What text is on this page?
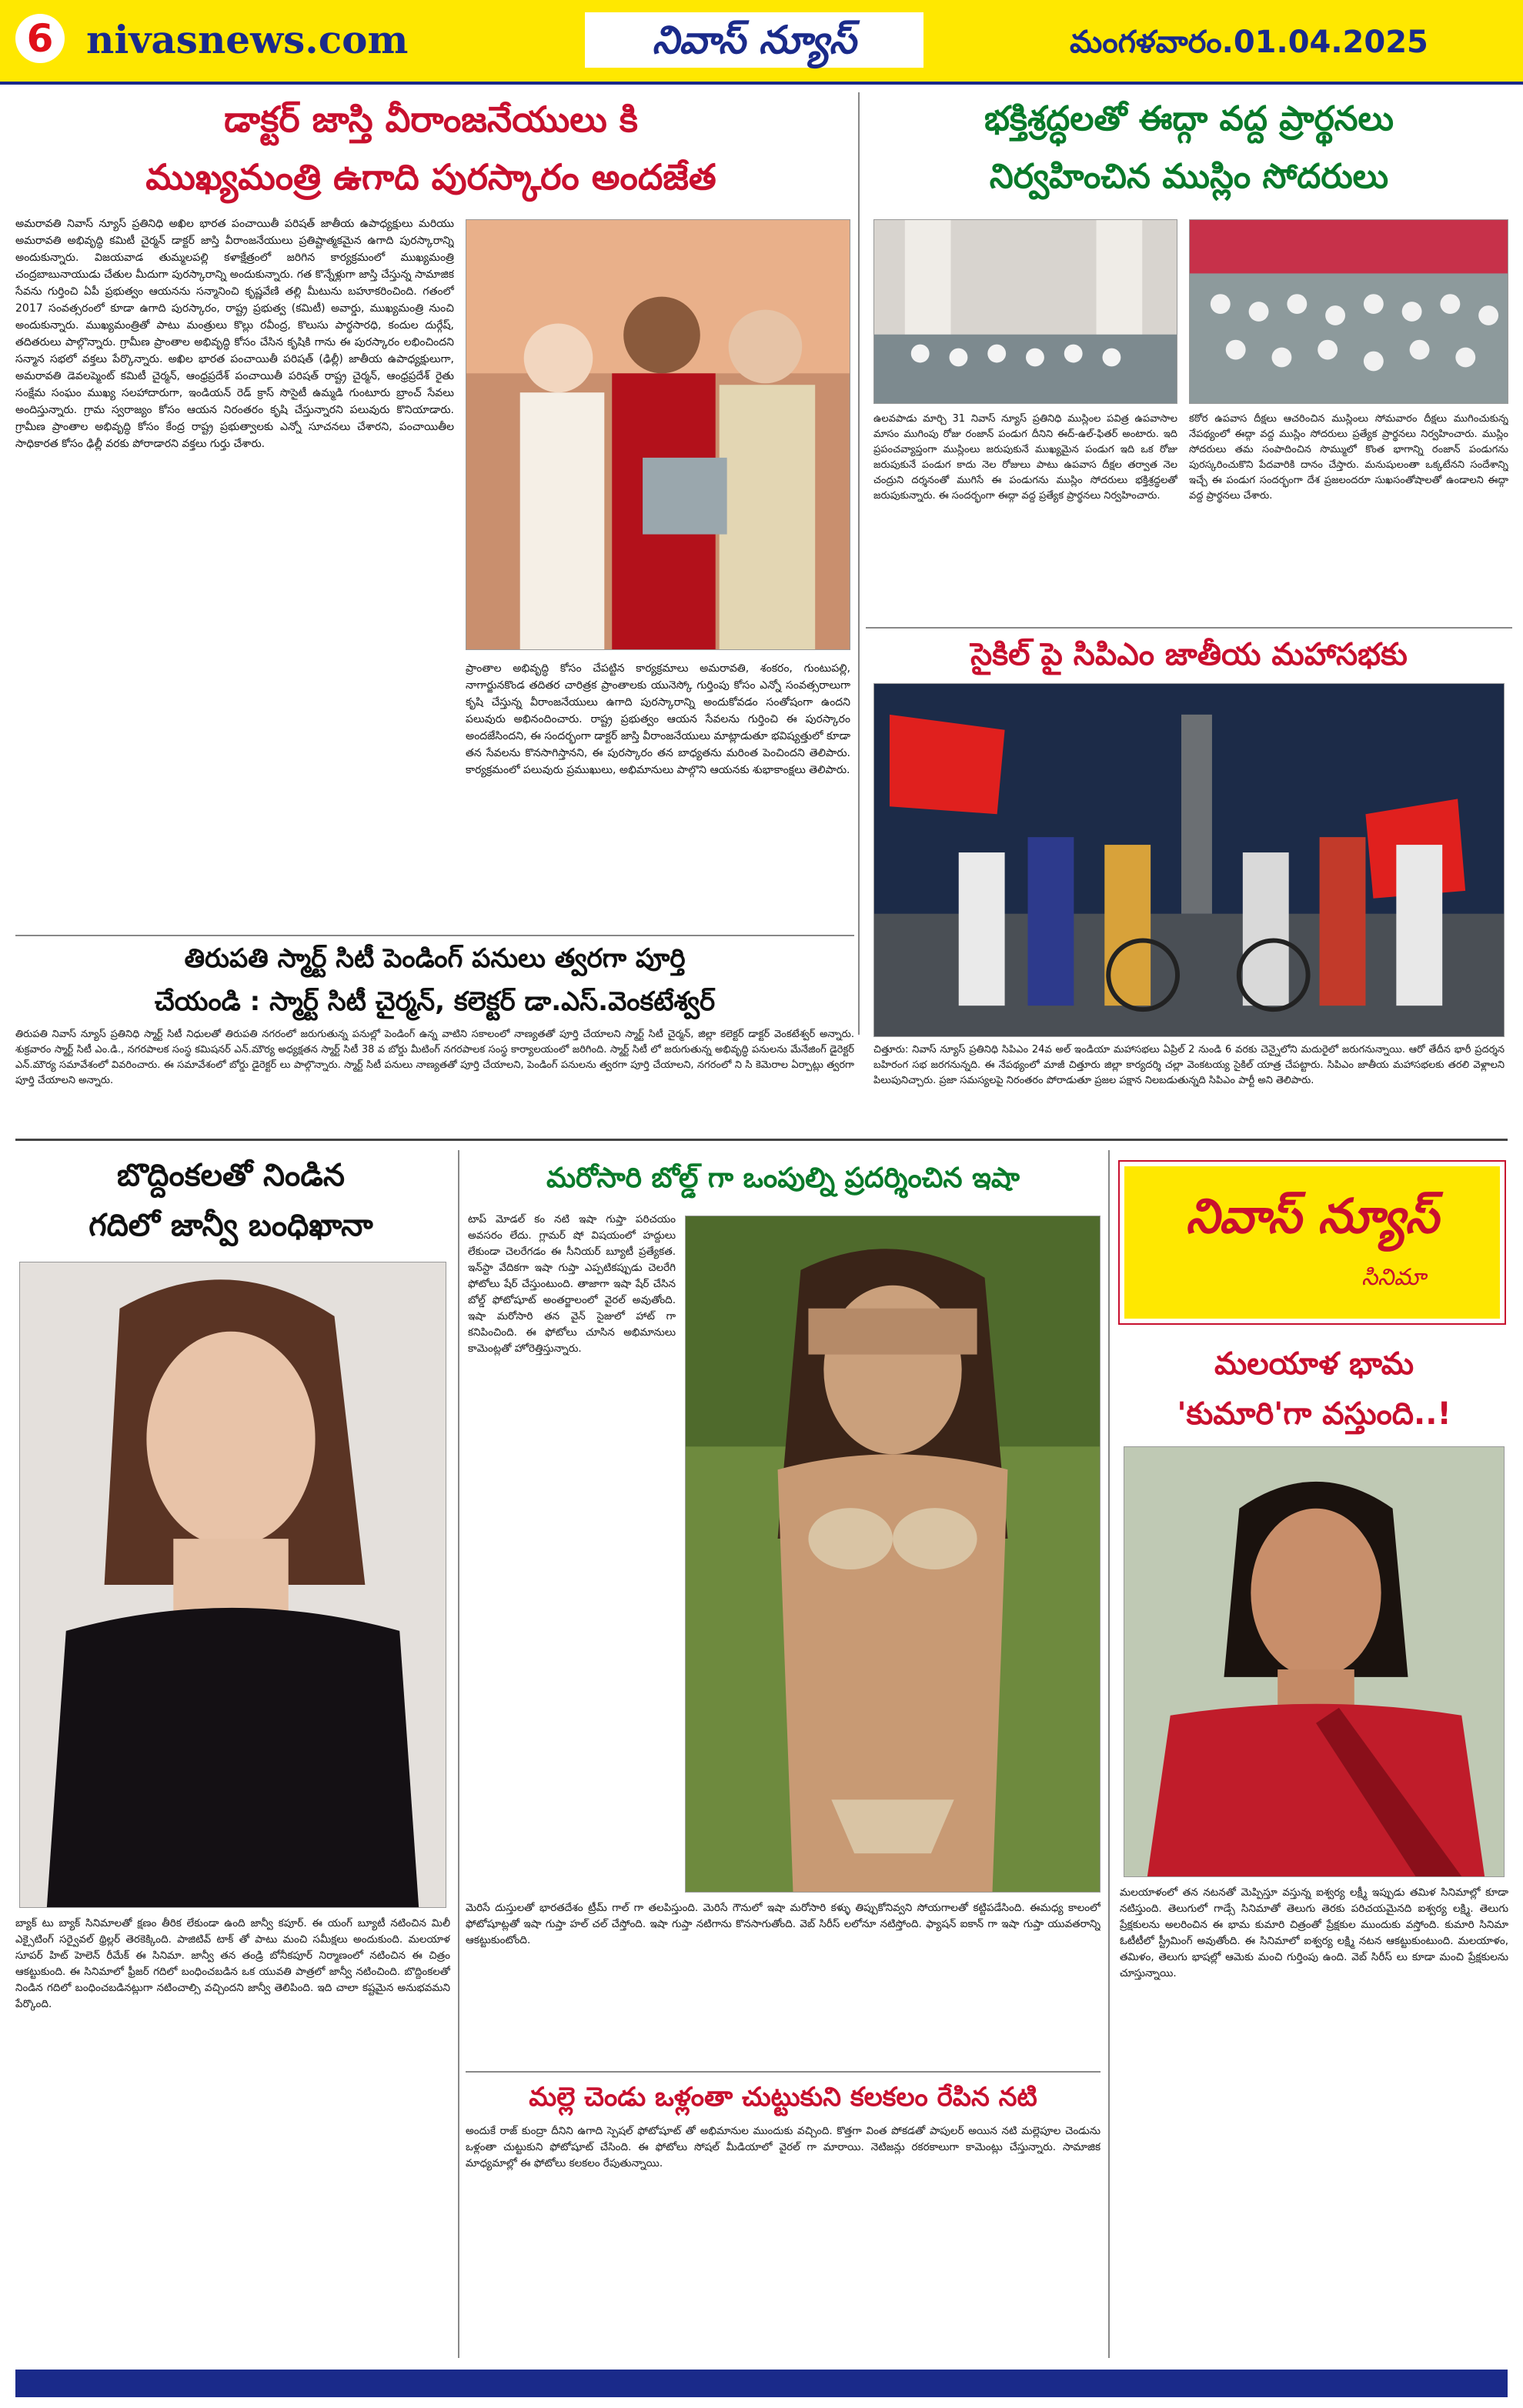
6 nivasnews.com	నివాస్ న్యూస్	మంగళవారం.01.04.2025
డాక్టర్ జాస్తి వీరాంజనేయులు కి
ముఖ్యమంత్రి ఉగాది పురస్కారం అందజేత
అమరావతి నివాస్ న్యూస్ ప్రతినిధి అఖిల భారత పంచాయితీ పరిషత్ జాతీయ ఉపాధ్యక్షులు మరియు అమరావతి అభివృద్ధి కమిటీ చైర్మన్ డాక్టర్ జాస్తి వీరాంజనేయులు ప్రతిష్టాత్మకమైన ఉగాది పురస్కారాన్ని అందుకున్నారు. విజయవాడ తుమ్మలపల్లి కళాక్షేత్రంలో జరిగిన కార్యక్రమంలో ముఖ్యమంత్రి చంద్రబాబునాయుడు చేతుల మీదుగా పురస్కారాన్ని అందుకున్నారు. గత కొన్నేళ్లుగా జాస్తి చేస్తున్న సామాజిక సేవను గుర్తించి ఏపీ ప్రభుత్వం ఆయనను సన్మానించి కృష్ణవేణి తల్లి మీటును బహూకరించింది. గతంలో 2017 సంవత్సరంలో కూడా ఉగాది పురస్కారం, రాష్ట్ర ప్రభుత్వ (కమిటీ) అవార్డు, ముఖ్యమంత్రి నుంచి అందుకున్నారు. ముఖ్యమంత్రితో పాటు మంత్రులు కొల్లు రవీంద్ర, కొలుసు పార్థసారధి, కందుల దుర్గేష్, తదితరులు పాల్గొన్నారు. గ్రామీణ ప్రాంతాల అభివృద్ధి కోసం చేసిన కృషికి గాను ఈ పురస్కారం లభించిందని సన్మాన సభలో వక్తలు పేర్కొన్నారు. అఖిల భారత పంచాయితీ పరిషత్ (ఢిల్లీ) జాతీయ ఉపాధ్యక్షులుగా, అమరావతి డెవలప్మెంట్ కమిటీ చైర్మన్, ఆంధ్రప్రదేశ్ పంచాయితీ పరిషత్ రాష్ట్ర చైర్మన్, ఆంధ్రప్రదేశ్ రైతు సంక్షేమ సంఘం ముఖ్య సలహాదారుగా, ఇండియన్ రెడ్ క్రాస్ సొసైటీ ఉమ్మడి గుంటూరు బ్రాంచ్ సేవలు అందిస్తున్నారు. గ్రామ స్వరాజ్యం కోసం ఆయన నిరంతరం కృషి చేస్తున్నారని పలువురు కొనియాడారు. గ్రామీణ ప్రాంతాల అభివృద్ధి కోసం కేంద్ర రాష్ట్ర ప్రభుత్వాలకు ఎన్నో సూచనలు చేశారని, పంచాయితీల సాధికారత కోసం ఢిల్లీ వరకు పోరాడారని వక్తలు గుర్తు చేశారు.
ప్రాంతాల అభివృద్ధి కోసం చేపట్టిన కార్యక్రమాలు అమరావతి, శంకరం, గుంటుపల్లి, నాగార్జునకొండ తదితర చారిత్రక ప్రాంతాలకు యునెస్కో గుర్తింపు కోసం ఎన్నో సంవత్సరాలుగా కృషి చేస్తున్న వీరాంజనేయులు ఉగాది పురస్కారాన్ని అందుకోవడం సంతోషంగా ఉందని పలువురు అభినందించారు. రాష్ట్ర ప్రభుత్వం ఆయన సేవలను గుర్తించి ఈ పురస్కారం అందజేసిందని, ఈ సందర్భంగా డాక్టర్ జాస్తి వీరాంజనేయులు మాట్లాడుతూ భవిష్యత్తులో కూడా తన సేవలను కొనసాగిస్తానని, ఈ పురస్కారం తన బాధ్యతను మరింత పెంచిందని తెలిపారు. కార్యక్రమంలో పలువురు ప్రముఖులు, అభిమానులు పాల్గొని ఆయనకు శుభాకాంక్షలు తెలిపారు.
తిరుపతి స్మార్ట్ సిటీ పెండింగ్ పనులు త్వరగా పూర్తి
చేయండి : స్మార్ట్ సిటీ చైర్మన్, కలెక్టర్ డా.ఎస్.వెంకటేశ్వర్
తిరుపతి నివాస్ న్యూస్ ప్రతినిధి స్మార్ట్ సిటీ నిధులతో తిరుపతి నగరంలో జరుగుతున్న పనుల్లో పెండింగ్ ఉన్న వాటిని సకాలంలో నాణ్యతతో పూర్తి చేయాలని స్మార్ట్ సిటీ చైర్మన్, జిల్లా కలెక్టర్ డాక్టర్ వెంకటేశ్వర్ అన్నారు. శుక్రవారం స్మార్ట్ సిటీ ఎం.డి., నగరపాలక సంస్థ కమిషనర్ ఎన్.మౌర్య అధ్యక్షతన స్మార్ట్ సిటీ 38 వ బోర్డు మీటింగ్ నగరపాలక సంస్థ కార్యాలయంలో జరిగింది. స్మార్ట్ సిటీ లో జరుగుతున్న అభివృద్ధి పనులను మేనేజింగ్ డైరెక్టర్ ఎన్.మౌర్య సమావేశంలో వివరించారు. ఈ సమావేశంలో బోర్డు డైరెక్టర్ లు పాల్గొన్నారు. స్మార్ట్ సిటీ పనులు నాణ్యతతో పూర్తి చేయాలని, పెండింగ్ పనులను త్వరగా పూర్తి చేయాలని, నగరంలో ని సి కెమెరాల ఏర్పాట్లు త్వరగా పూర్తి చేయాలని అన్నారు.
భక్తిశ్రద్ధలతో ఈద్గా వద్ద ప్రార్థనలు
నిర్వహించిన ముస్లిం సోదరులు
ఉలవపాడు మార్చి 31 నివాస్ న్యూస్ ప్రతినిధి ముస్లింల పవిత్ర ఉపవాసాల మాసం ముగింపు రోజు రంజాన్ పండుగ దీనిని ఈద్-ఉల్-ఫితర్ అంటారు. ఇది ప్రపంచవ్యాప్తంగా ముస్లింలు జరుపుకునే ముఖ్యమైన పండుగ ఇది ఒక రోజు జరుపుకునే పండుగ కాదు నెల రోజులు పాటు ఉపవాస దీక్షల తర్వాత నెల చంద్రుని దర్శనంతో ముగిసే ఈ పండుగను ముస్లిం సోదరులు భక్తిశ్రద్ధలతో జరుపుకున్నారు. ఈ సందర్భంగా ఈద్గా వద్ద ప్రత్యేక ప్రార్థనలు నిర్వహించారు.
కఠోర ఉపవాస దీక్షలు ఆచరించిన ముస్లింలు సోమవారం దీక్షలు ముగించుకున్న నేపథ్యంలో ఈద్గా వద్ద ముస్లిం సోదరులు ప్రత్యేక ప్రార్థనలు నిర్వహించారు. ముస్లిం సోదరులు తమ సంపాదించిన సొమ్ములో కొంత భాగాన్ని రంజాన్ పండుగను పురస్కరించుకొని పేదవారికి దానం చేస్తారు. మనుషులంతా ఒక్కటేనని సందేశాన్ని ఇచ్చే ఈ పండుగ సందర్భంగా దేశ ప్రజలందరూ సుఖసంతోషాలతో ఉండాలని ఈద్గా వద్ద ప్రార్థనలు చేశారు.
సైకిల్ పై సిపిఎం జాతీయ మహాసభకు
చిత్తూరు: నివాస్ న్యూస్ ప్రతినిధి సిపిఎం 24వ అల్ ఇండియా మహాసభలు ఏప్రిల్ 2 నుండి 6 వరకు చెన్నైలోని మదురైలో జరుగనున్నాయి. ఆరో తేదీన భారీ ప్రదర్శన బహిరంగ సభ జరగనున్నది. ఈ నేపథ్యంలో మాజీ చిత్తూరు జిల్లా కార్యదర్శి చల్లా వెంకటయ్య సైకిల్ యాత్ర చేపట్టారు. సిపిఎం జాతీయ మహాసభలకు తరలి వెళ్లాలని పిలుపునిచ్చారు. ప్రజా సమస్యలపై నిరంతరం పోరాడుతూ ప్రజల పక్షాన నిలబడుతున్నది సిపిఎం పార్టీ అని తెలిపారు.
బొద్దింకలతో నిండిన
గదిలో జాన్వీ బంధిఖానా
బ్యాక్ టు బ్యాక్ సినిమాలతో క్షణం తీరిక లేకుండా ఉంది జాన్వీ కపూర్. ఈ యంగ్ బ్యూటీ నటించిన మిలీ ఎక్సైటింగ్ సర్వైవల్ థ్రిల్లర్ తెరకెక్కింది. పాజిటివ్ టాక్ తో పాటు మంచి సమీక్షలు అందుకుంది. మలయాళ సూపర్ హిట్ హెలెన్ రీమేక్ ఈ సినిమా. జాన్వీ తన తండ్రి బోనీకపూర్ నిర్మాణంలో నటించిన ఈ చిత్రం ఆకట్టుకుంది. ఈ సినిమాలో ఫ్రీజర్ గదిలో బంధించబడిన ఒక యువతి పాత్రలో జాన్వీ నటించింది. బొద్దింకలతో నిండిన గదిలో బంధించబడినట్లుగా నటించాల్సి వచ్చిందని జాన్వీ తెలిపింది. ఇది చాలా కష్టమైన అనుభవమని పేర్కొంది.
మరోసారి బోల్డ్ గా ఒంపుల్ని ప్రదర్శించిన ఇషా
టాప్ మోడల్ కం నటి ఇషా గుప్తా పరిచయం అవసరం లేదు. గ్లామర్ షో విషయంలో హద్దులు లేకుండా చెలరేగడం ఈ సీనియర్ బ్యూటీ ప్రత్యేకత. ఇన్‌స్టా వేదికగా ఇషా గుప్తా ఎప్పటికప్పుడు చెలరేగి ఫోటోలు షేర్ చేస్తుంటుంది. తాజాగా ఇషా షేర్ చేసిన బోల్డ్ ఫోటోషూట్ అంతర్జాలంలో వైరల్ అవుతోంది. ఇషా మరోసారి తన వైన్ సైజులో హాట్ గా కనిపించింది. ఈ ఫోటోలు చూసిన అభిమానులు కామెంట్లతో హోరెత్తిస్తున్నారు.
మెరిసే దుస్తులతో భారతదేశం ట్రీమ్ గాల్ గా తలపిస్తుంది. మెరిసే గౌనులో ఇషా మరోసారి కళ్ళు తిప్పుకోనివ్వని సోయగాలతో కట్టిపడేసింది. ఈమధ్య కాలంలో ఫోటోషూట్లతో ఇషా గుప్తా హల్ చల్ చేస్తోంది. ఇషా గుప్తా నటిగాను కొనసాగుతోంది. వెబ్ సిరీస్ లలోనూ నటిస్తోంది. ఫ్యాషన్ ఐకాన్ గా ఇషా గుప్తా యువతరాన్ని ఆకట్టుకుంటోంది.
మల్లె చెండు ఒళ్లంతా చుట్టుకుని కలకలం రేపిన నటి
అందుకే రాజ్ కుంద్రా దీనిని ఉగాది స్పెషల్ ఫోటోషూట్ తో అభిమానుల ముందుకు వచ్చింది. కొత్తగా వింత పోకడతో పాపులర్ అయిన నటి మల్లెపూల చెండును ఒళ్లంతా చుట్టుకుని ఫోటోషూట్ చేసింది. ఈ ఫోటోలు సోషల్ మీడియాలో వైరల్ గా మారాయి. నెటిజన్లు రకరకాలుగా కామెంట్లు చేస్తున్నారు. సామాజిక మాధ్యమాల్లో ఈ ఫోటోలు కలకలం రేపుతున్నాయి.
నివాస్ న్యూస్
సినిమా
మలయాళ భామ
'కుమారి'గా వస్తుంది..!
మలయాళంలో తన నటనతో మెప్పిస్తూ వస్తున్న ఐశ్వర్య లక్ష్మీ ఇప్పుడు తమిళ సినిమాల్లో కూడా నటిస్తుంది. తెలుగులో గాడ్సే సినిమాతో తెలుగు తెరకు పరిచయమైనది ఐశ్వర్య లక్ష్మి. తెలుగు ప్రేక్షకులను అలరించిన ఈ భామ కుమారి చిత్రంతో ప్రేక్షకుల ముందుకు వస్తోంది. కుమారి సినిమా ఓటీటీలో స్ట్రీమింగ్ అవుతోంది. ఈ సినిమాలో ఐశ్వర్య లక్ష్మి నటన ఆకట్టుకుంటుంది. మలయాళం, తమిళం, తెలుగు భాషల్లో ఆమెకు మంచి గుర్తింపు ఉంది. వెబ్ సిరీస్ లు కూడా మంచి ప్రేక్షకులను చూస్తున్నాయి.
